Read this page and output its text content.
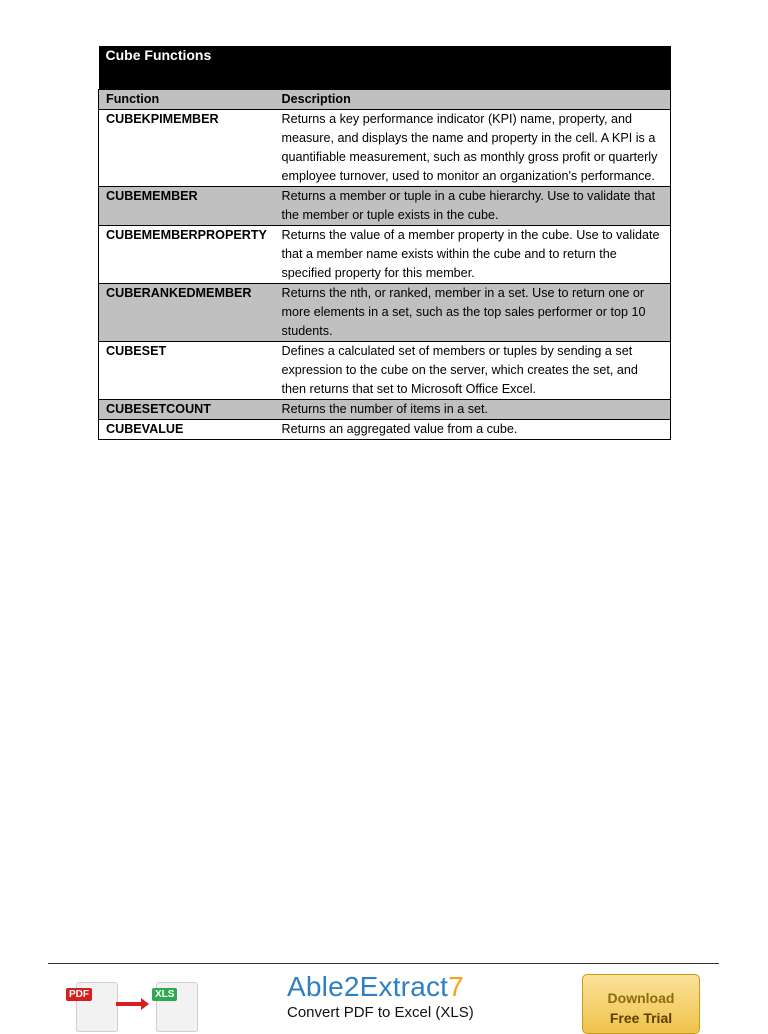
Cube Functions	
Function	Description
CUBEKPIMEMBER	Returns a key performance indicator (KPI) name, property, and measure, and displays the name and property in the cell. A KPI is a quantifiable measurement, such as monthly gross profit or quarterly employee turnover, used to monitor an organization's performance.
CUBEMEMBER	Returns a member or tuple in a cube hierarchy. Use to validate that the member or tuple exists in the cube.
CUBEMEMBERPROPERTY	Returns the value of a member property in the cube. Use to validate that a member name exists within the cube and to return the specified property for this member.
CUBERANKEDMEMBER	Returns the nth, or ranked, member in a set. Use to return one or more elements in a set, such as the top sales performer or top 10 students.
CUBESET	Defines a calculated set of members or tuples by sending a set expression to the cube on the server, which creates the set, and then returns that set to Microsoft Office Excel.
CUBESETCOUNT	Returns the number of items in a set.
CUBEVALUE	Returns an aggregated value from a cube.
PDF	XLS	Able2Extract7
Convert PDF to Excel (XLS)
Download
Free Trial
